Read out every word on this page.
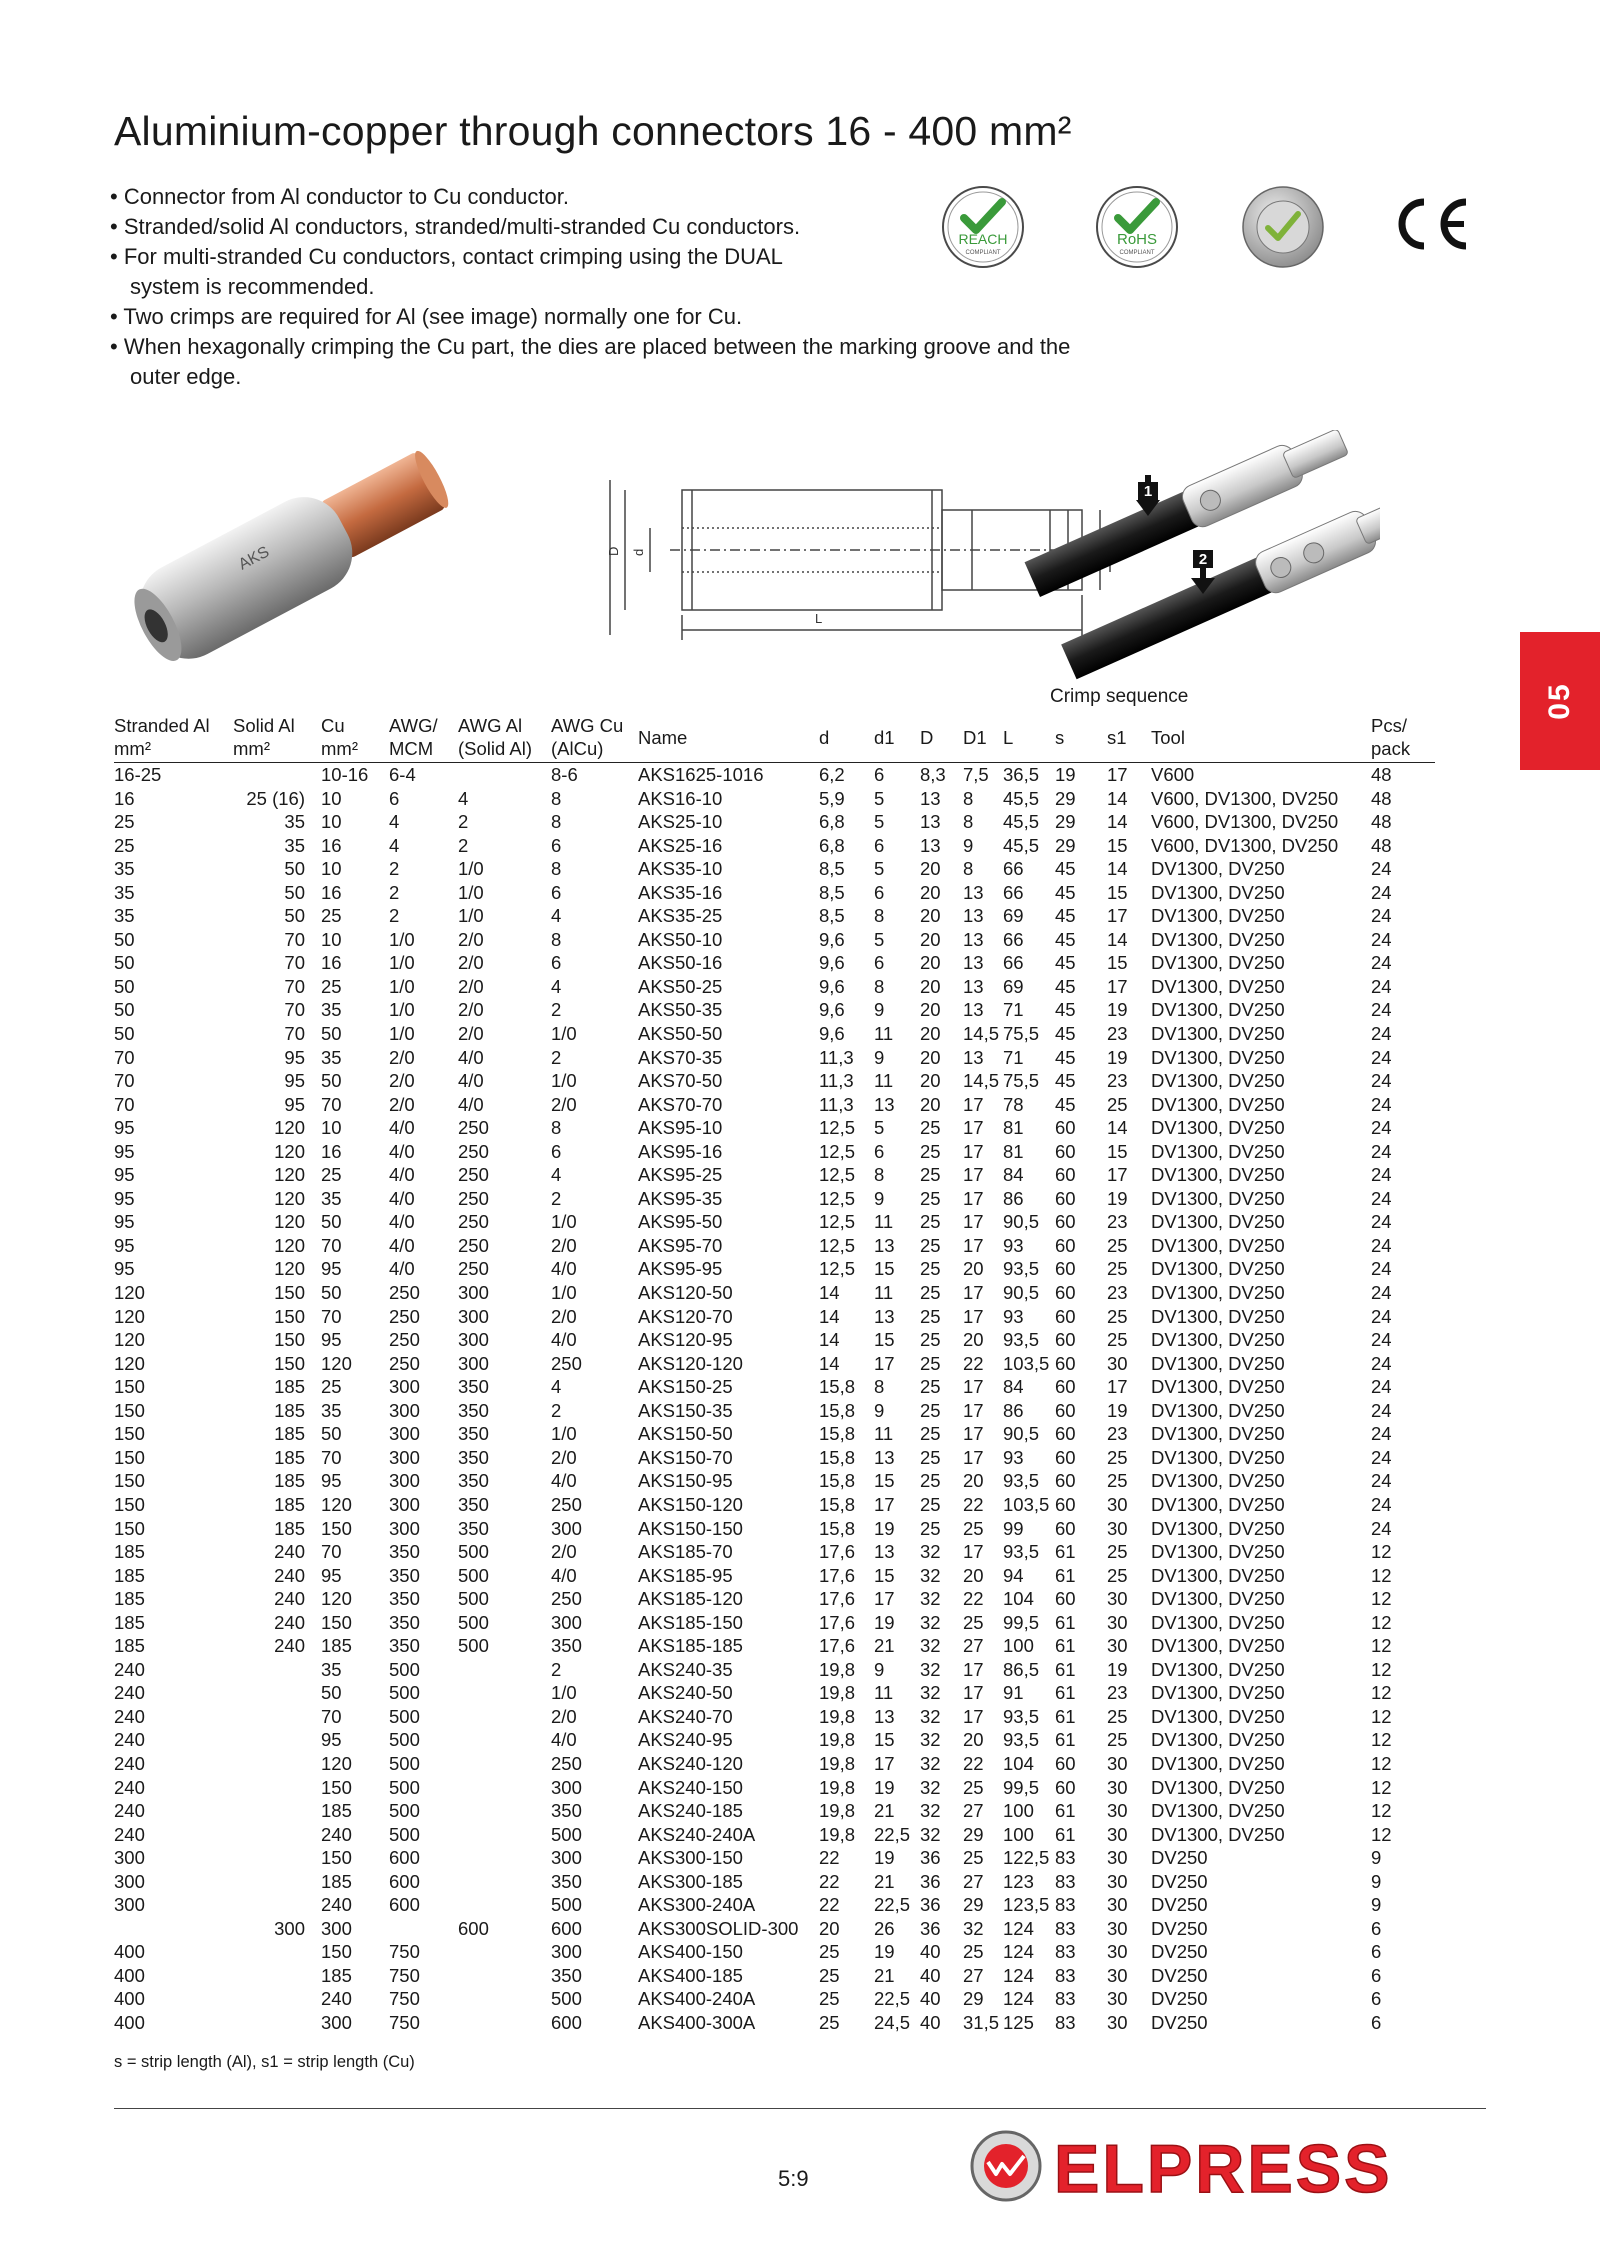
Aluminium-copper through connectors 16 - 400 mm²
• Connector from Al conductor to Cu conductor.
• Stranded/solid Al conductors, stranded/multi-stranded Cu conductors.
• For multi-stranded Cu conductors, contact crimping using the DUAL system is recommended.
• Two crimps are required for Al (see image) normally one for Cu.
• When hexagonally crimping the Cu part, the dies are placed between the marking groove and the outer edge.
REACH
COMPLIANT
RoHS
COMPLIANT
AKS	D d
L
1
2
Crimp sequence	05
Stranded Al mm²	Solid Al mm²	Cu mm²	AWG/ MCM	AWG Al (Solid Al)	AWG Cu (AlCu)	Name	d	d1	D	D1	L	s	s1	Tool	Pcs/ pack
16-25		10-16	6-4		8-6	AKS1625-1016	6,2	6	8,3	7,5	36,5	19	17	V600	48
16	25 (16)	10	6	4	8	AKS16-10	5,9	5	13	8	45,5	29	14	V600, DV1300, DV250	48
25	35	10	4	2	8	AKS25-10	6,8	5	13	8	45,5	29	14	V600, DV1300, DV250	48
25	35	16	4	2	6	AKS25-16	6,8	6	13	9	45,5	29	15	V600, DV1300, DV250	48
35	50	10	2	1/0	8	AKS35-10	8,5	5	20	8	66	45	14	DV1300, DV250	24
35	50	16	2	1/0	6	AKS35-16	8,5	6	20	13	66	45	15	DV1300, DV250	24
35	50	25	2	1/0	4	AKS35-25	8,5	8	20	13	69	45	17	DV1300, DV250	24
50	70	10	1/0	2/0	8	AKS50-10	9,6	5	20	13	66	45	14	DV1300, DV250	24
50	70	16	1/0	2/0	6	AKS50-16	9,6	6	20	13	66	45	15	DV1300, DV250	24
50	70	25	1/0	2/0	4	AKS50-25	9,6	8	20	13	69	45	17	DV1300, DV250	24
50	70	35	1/0	2/0	2	AKS50-35	9,6	9	20	13	71	45	19	DV1300, DV250	24
50	70	50	1/0	2/0	1/0	AKS50-50	9,6	11	20	14,5	75,5	45	23	DV1300, DV250	24
70	95	35	2/0	4/0	2	AKS70-35	11,3	9	20	13	71	45	19	DV1300, DV250	24
70	95	50	2/0	4/0	1/0	AKS70-50	11,3	11	20	14,5	75,5	45	23	DV1300, DV250	24
70	95	70	2/0	4/0	2/0	AKS70-70	11,3	13	20	17	78	45	25	DV1300, DV250	24
95	120	10	4/0	250	8	AKS95-10	12,5	5	25	17	81	60	14	DV1300, DV250	24
95	120	16	4/0	250	6	AKS95-16	12,5	6	25	17	81	60	15	DV1300, DV250	24
95	120	25	4/0	250	4	AKS95-25	12,5	8	25	17	84	60	17	DV1300, DV250	24
95	120	35	4/0	250	2	AKS95-35	12,5	9	25	17	86	60	19	DV1300, DV250	24
95	120	50	4/0	250	1/0	AKS95-50	12,5	11	25	17	90,5	60	23	DV1300, DV250	24
95	120	70	4/0	250	2/0	AKS95-70	12,5	13	25	17	93	60	25	DV1300, DV250	24
95	120	95	4/0	250	4/0	AKS95-95	12,5	15	25	20	93,5	60	25	DV1300, DV250	24
120	150	50	250	300	1/0	AKS120-50	14	11	25	17	90,5	60	23	DV1300, DV250	24
120	150	70	250	300	2/0	AKS120-70	14	13	25	17	93	60	25	DV1300, DV250	24
120	150	95	250	300	4/0	AKS120-95	14	15	25	20	93,5	60	25	DV1300, DV250	24
120	150	120	250	300	250	AKS120-120	14	17	25	22	103,5	60	30	DV1300, DV250	24
150	185	25	300	350	4	AKS150-25	15,8	8	25	17	84	60	17	DV1300, DV250	24
150	185	35	300	350	2	AKS150-35	15,8	9	25	17	86	60	19	DV1300, DV250	24
150	185	50	300	350	1/0	AKS150-50	15,8	11	25	17	90,5	60	23	DV1300, DV250	24
150	185	70	300	350	2/0	AKS150-70	15,8	13	25	17	93	60	25	DV1300, DV250	24
150	185	95	300	350	4/0	AKS150-95	15,8	15	25	20	93,5	60	25	DV1300, DV250	24
150	185	120	300	350	250	AKS150-120	15,8	17	25	22	103,5	60	30	DV1300, DV250	24
150	185	150	300	350	300	AKS150-150	15,8	19	25	25	99	60	30	DV1300, DV250	24
185	240	70	350	500	2/0	AKS185-70	17,6	13	32	17	93,5	61	25	DV1300, DV250	12
185	240	95	350	500	4/0	AKS185-95	17,6	15	32	20	94	61	25	DV1300, DV250	12
185	240	120	350	500	250	AKS185-120	17,6	17	32	22	104	60	30	DV1300, DV250	12
185	240	150	350	500	300	AKS185-150	17,6	19	32	25	99,5	61	30	DV1300, DV250	12
185	240	185	350	500	350	AKS185-185	17,6	21	32	27	100	61	30	DV1300, DV250	12
240		35	500		2	AKS240-35	19,8	9	32	17	86,5	61	19	DV1300, DV250	12
240		50	500		1/0	AKS240-50	19,8	11	32	17	91	61	23	DV1300, DV250	12
240		70	500		2/0	AKS240-70	19,8	13	32	17	93,5	61	25	DV1300, DV250	12
240		95	500		4/0	AKS240-95	19,8	15	32	20	93,5	61	25	DV1300, DV250	12
240		120	500		250	AKS240-120	19,8	17	32	22	104	60	30	DV1300, DV250	12
240		150	500		300	AKS240-150	19,8	19	32	25	99,5	60	30	DV1300, DV250	12
240		185	500		350	AKS240-185	19,8	21	32	27	100	61	30	DV1300, DV250	12
240		240	500		500	AKS240-240A	19,8	22,5	32	29	100	61	30	DV1300, DV250	12
300		150	600		300	AKS300-150	22	19	36	25	122,5	83	30	DV250	9
300		185	600		350	AKS300-185	22	21	36	27	123	83	30	DV250	9
300		240	600		500	AKS300-240A	22	22,5	36	29	123,5	83	30	DV250	9
	300	300		600	600	AKS300SOLID-300	20	26	36	32	124	83	30	DV250	6
400		150	750		300	AKS400-150	25	19	40	25	124	83	30	DV250	6
400		185	750		350	AKS400-185	25	21	40	27	124	83	30	DV250	6
400		240	750		500	AKS400-240A	25	22,5	40	29	124	83	30	DV250	6
400		300	750		600	AKS400-300A	25	24,5	40	31,5	125	83	30	DV250	6
s = strip length (Al), s1 = strip length (Cu)
5:9	ELPRESS
